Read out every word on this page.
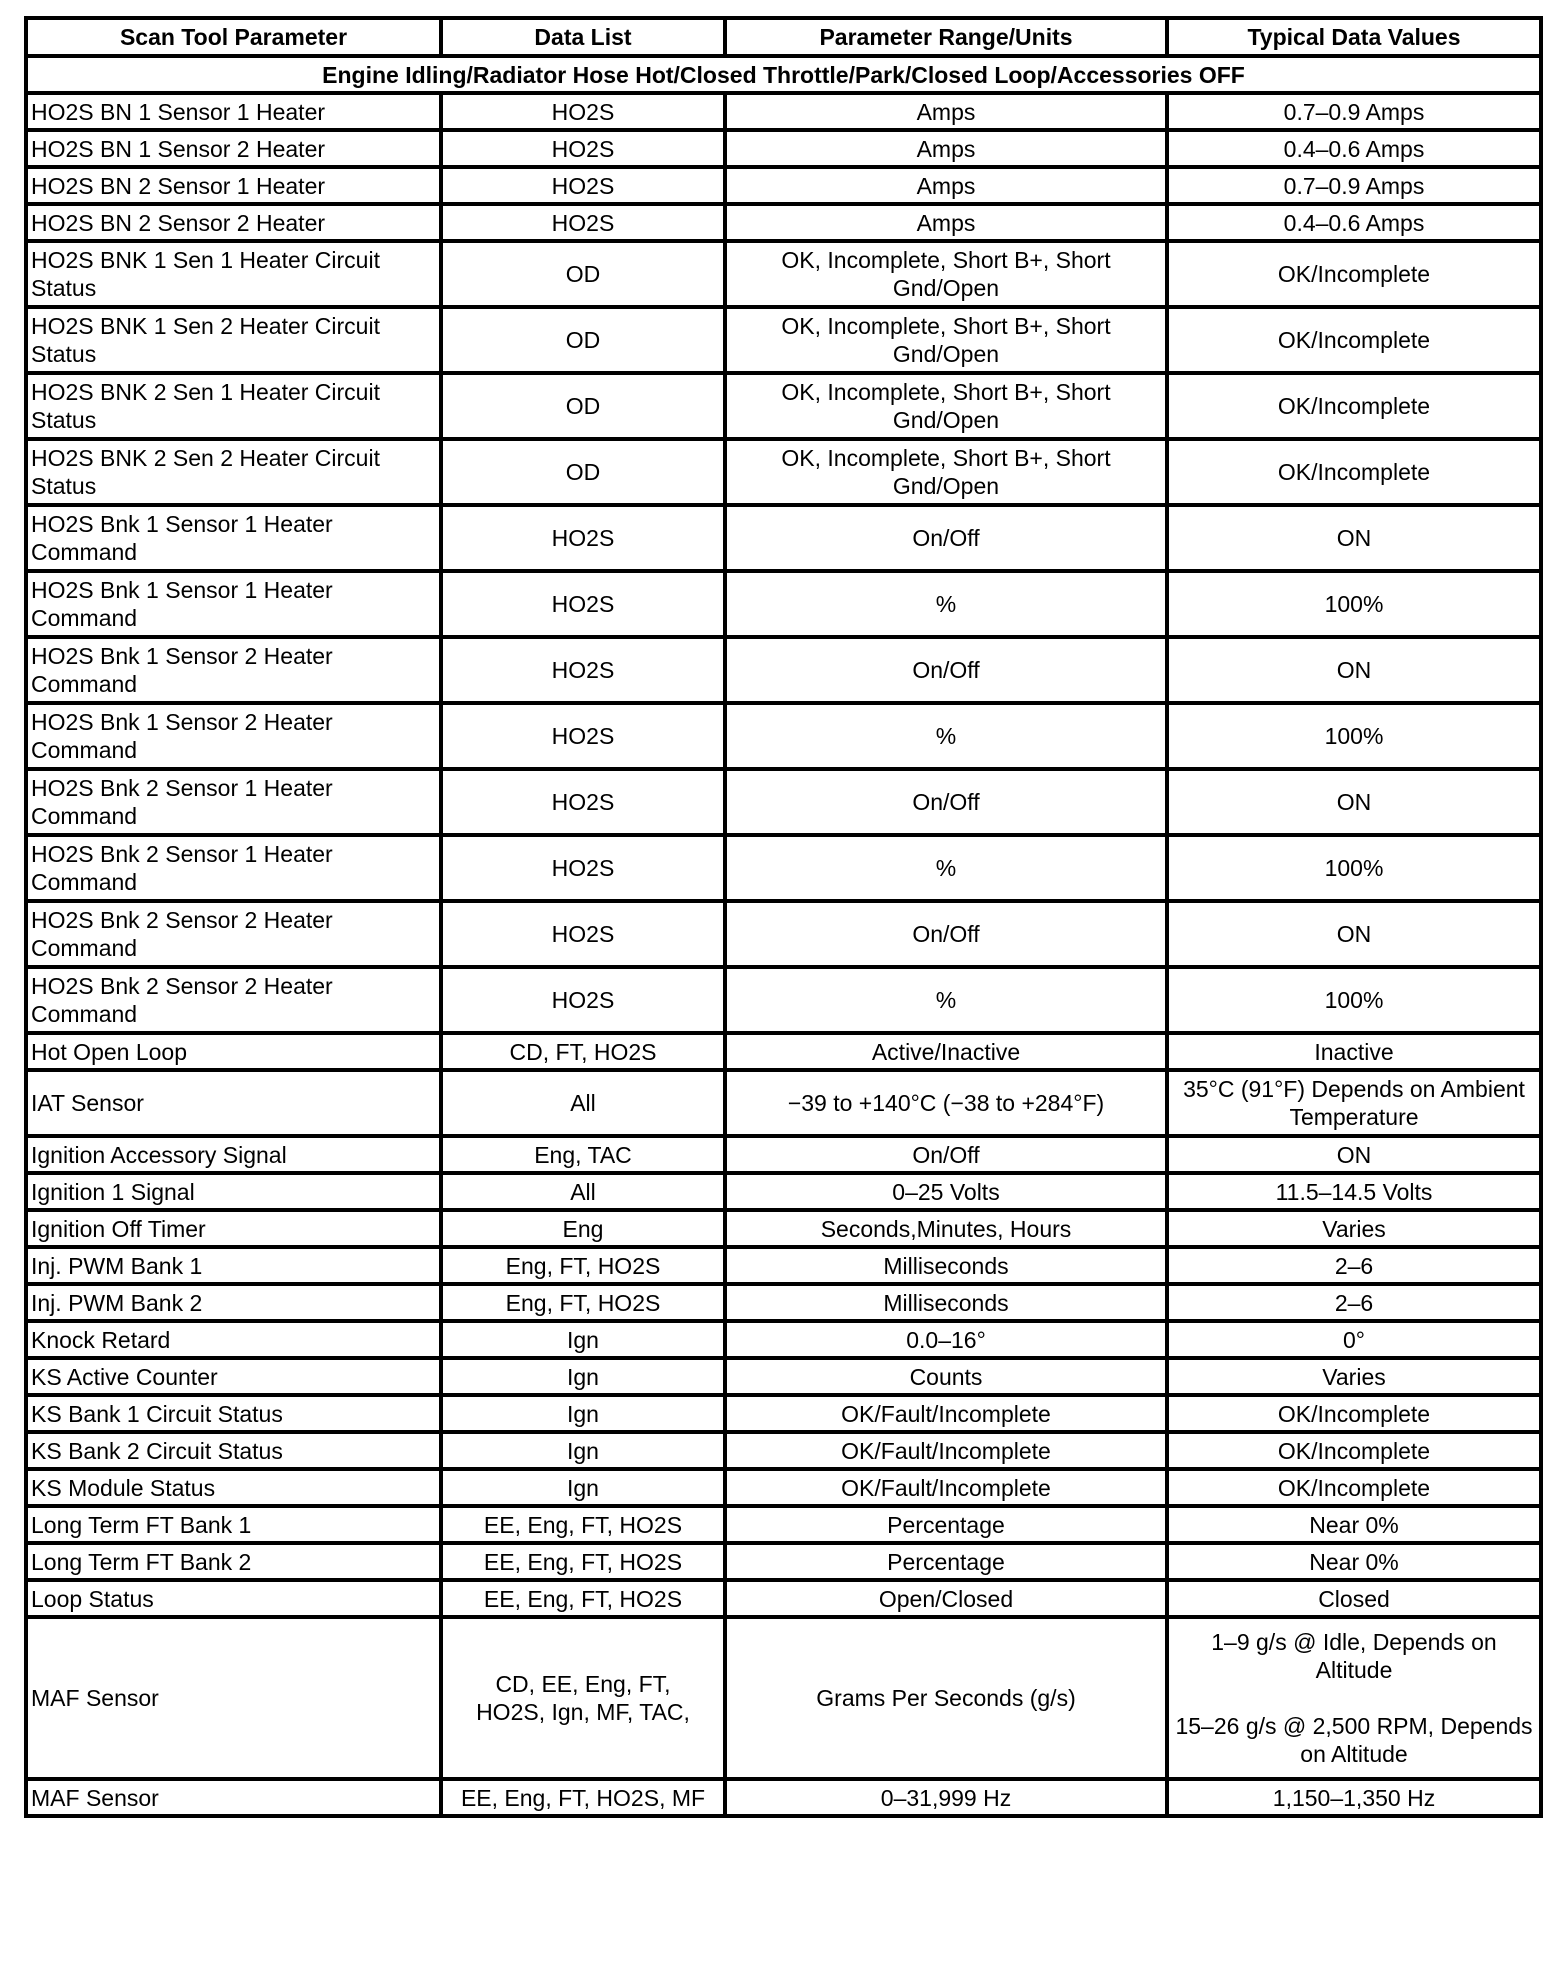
Scan Tool Parameter	Data List	Parameter Range/Units	Typical Data Values
Engine Idling/Radiator Hose Hot/Closed Throttle/Park/Closed Loop/Accessories OFF			
HO2S BN 1 Sensor 1 Heater	HO2S	Amps	0.7–0.9 Amps
HO2S BN 1 Sensor 2 Heater	HO2S	Amps	0.4–0.6 Amps
HO2S BN 2 Sensor 1 Heater	HO2S	Amps	0.7–0.9 Amps
HO2S BN 2 Sensor 2 Heater	HO2S	Amps	0.4–0.6 Amps
HO2S BNK 1 Sen 1 Heater Circuit Status	OD	OK, Incomplete, Short B+, Short Gnd/Open	OK/Incomplete
HO2S BNK 1 Sen 2 Heater Circuit Status	OD	OK, Incomplete, Short B+, Short Gnd/Open	OK/Incomplete
HO2S BNK 2 Sen 1 Heater Circuit Status	OD	OK, Incomplete, Short B+, Short Gnd/Open	OK/Incomplete
HO2S BNK 2 Sen 2 Heater Circuit Status	OD	OK, Incomplete, Short B+, Short Gnd/Open	OK/Incomplete
HO2S Bnk 1 Sensor 1 Heater Command	HO2S	On/Off	ON
HO2S Bnk 1 Sensor 1 Heater Command	HO2S	%	100%
HO2S Bnk 1 Sensor 2 Heater Command	HO2S	On/Off	ON
HO2S Bnk 1 Sensor 2 Heater Command	HO2S	%	100%
HO2S Bnk 2 Sensor 1 Heater Command	HO2S	On/Off	ON
HO2S Bnk 2 Sensor 1 Heater Command	HO2S	%	100%
HO2S Bnk 2 Sensor 2 Heater Command	HO2S	On/Off	ON
HO2S Bnk 2 Sensor 2 Heater Command	HO2S	%	100%
Hot Open Loop	CD, FT, HO2S	Active/Inactive	Inactive
IAT Sensor	All	−39 to +140°C (−38 to +284°F)	35°C (91°F) Depends on Ambient Temperature
Ignition Accessory Signal	Eng, TAC	On/Off	ON
Ignition 1 Signal	All	0–25 Volts	11.5–14.5 Volts
Ignition Off Timer	Eng	Seconds,Minutes, Hours	Varies
Inj. PWM Bank 1	Eng, FT, HO2S	Milliseconds	2–6
Inj. PWM Bank 2	Eng, FT, HO2S	Milliseconds	2–6
Knock Retard	Ign	0.0–16°	0°
KS Active Counter	Ign	Counts	Varies
KS Bank 1 Circuit Status	Ign	OK/Fault/Incomplete	OK/Incomplete
KS Bank 2 Circuit Status	Ign	OK/Fault/Incomplete	OK/Incomplete
KS Module Status	Ign	OK/Fault/Incomplete	OK/Incomplete
Long Term FT Bank 1	EE, Eng, FT, HO2S	Percentage	Near 0%
Long Term FT Bank 2	EE, Eng, FT, HO2S	Percentage	Near 0%
Loop Status	EE, Eng, FT, HO2S	Open/Closed	Closed
MAF Sensor	CD, EE, Eng, FT, HO2S, Ign, MF, TAC,	Grams Per Seconds (g/s)	1–9 g/s @ Idle, Depends on Altitude
15–26 g/s @ 2,500 RPM, Depends on Altitude

MAF Sensor	EE, Eng, FT, HO2S, MF	0–31,999 Hz	1,150–1,350 Hz
